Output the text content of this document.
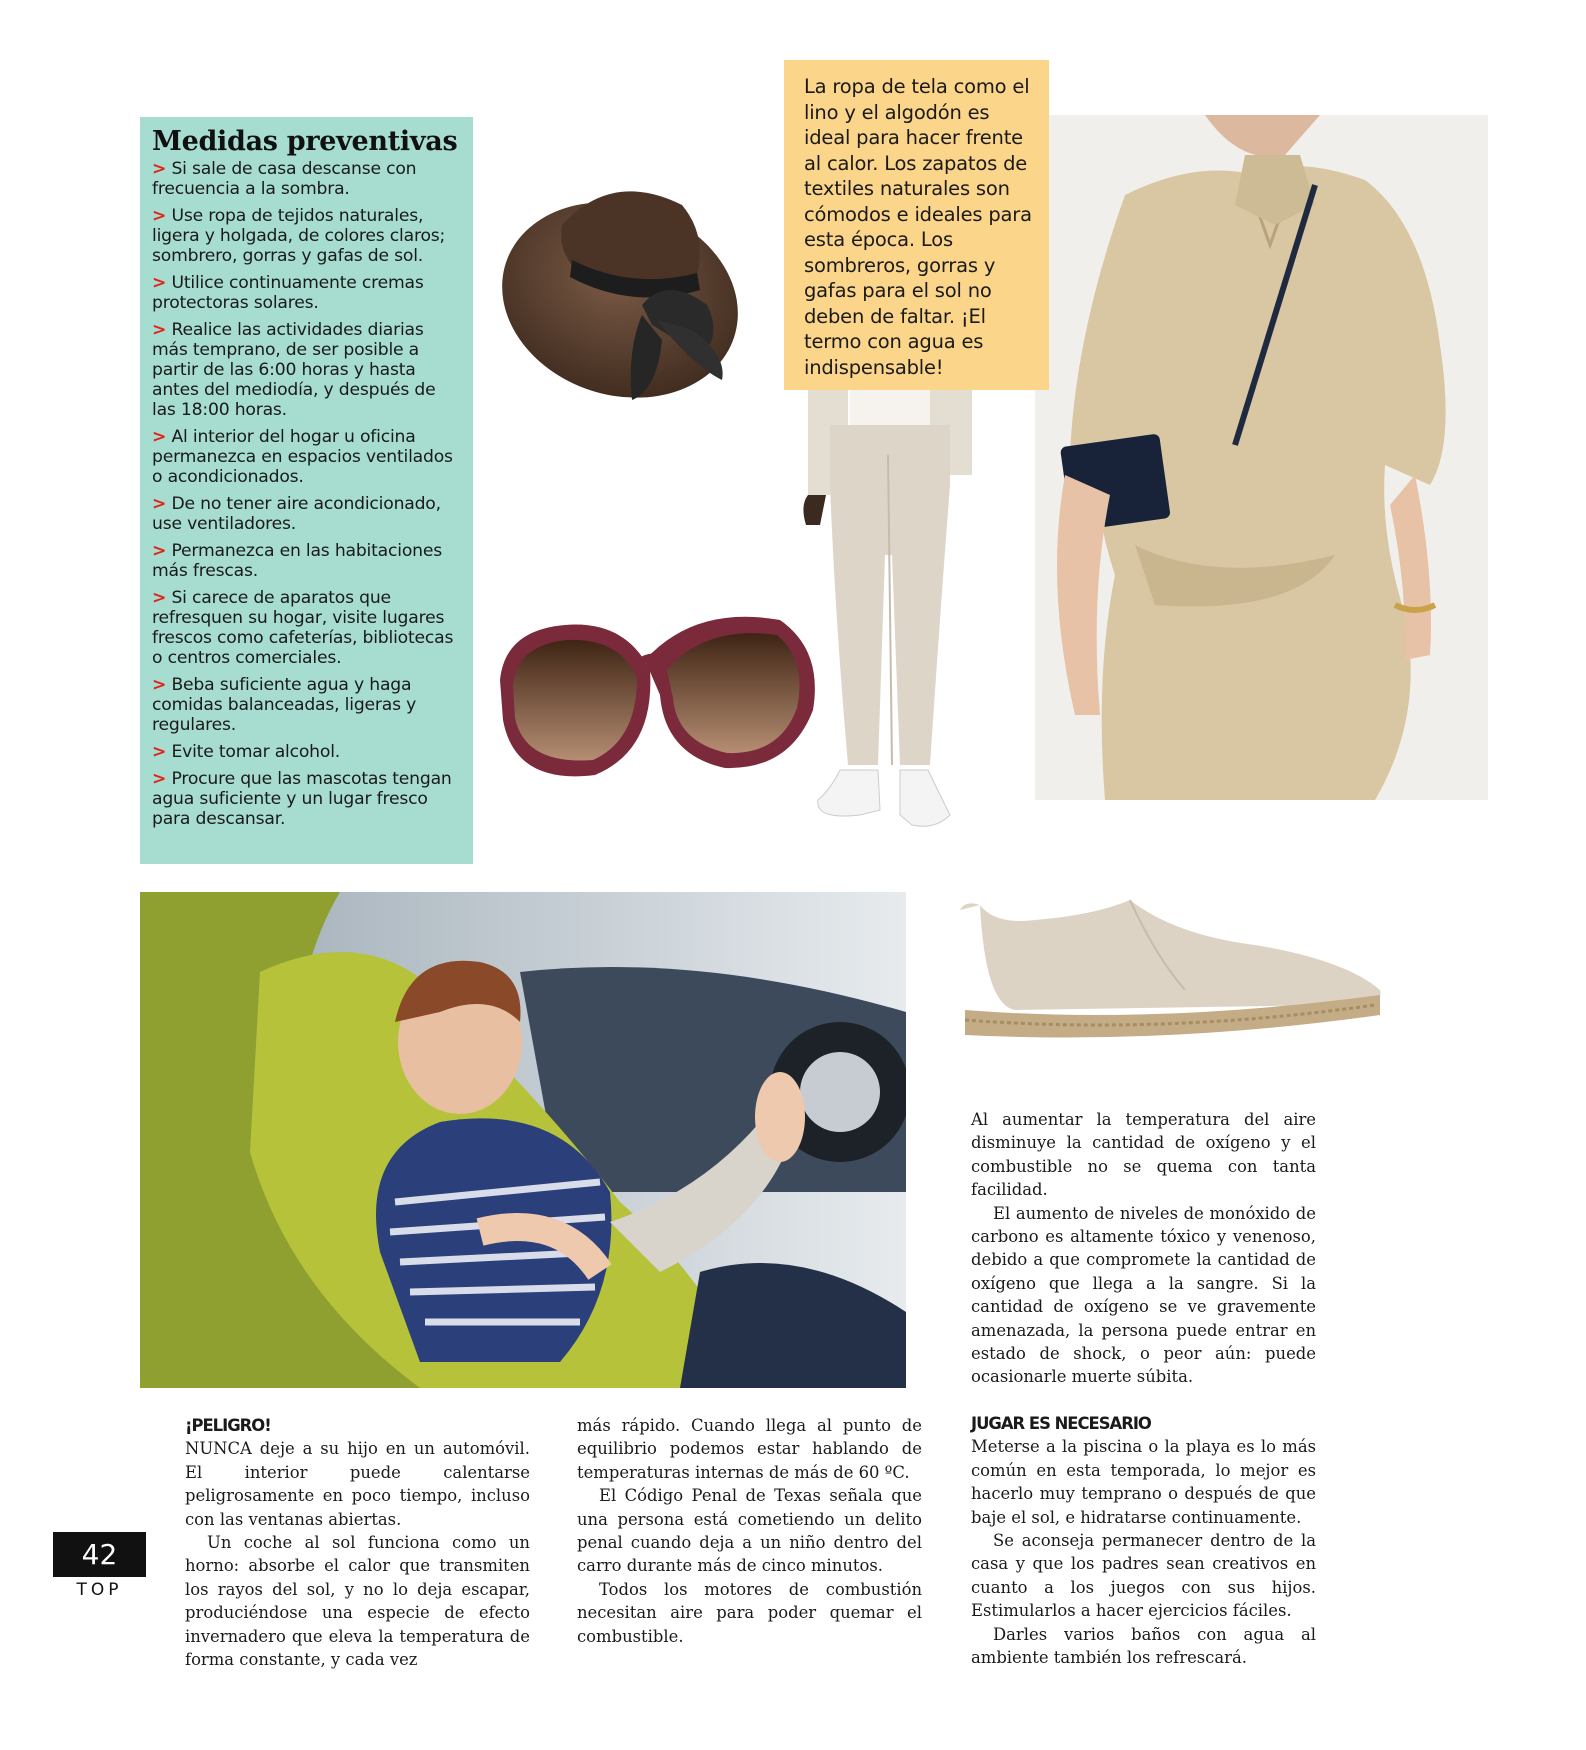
Medidas preventivas
> Si sale de casa descanse con frecuencia a la sombra.
> Use ropa de tejidos naturales, ligera y holgada, de colores claros; sombrero, gorras y gafas de sol.
> Utilice continuamente cremas protectoras solares.
> Realice las actividades diarias más temprano, de ser posible a partir de las 6:00 horas y hasta antes del mediodía, y después de las 18:00 horas.
> Al interior del hogar u oficina permanezca en espacios ventilados o acondicionados.
> De no tener aire acondicionado, use ventiladores.
> Permanezca en las habitaciones más frescas.
> Si carece de aparatos que refresquen su hogar, visite lugares frescos como cafeterías, bibliotecas o centros comerciales.
> Beba suficiente agua y haga comidas balanceadas, ligeras y regulares.
> Evite tomar alcohol.
> Procure que las mascotas tengan agua suficiente y un lugar fresco para descansar.
La ropa de tela como el lino y el algodón es ideal para hacer frente al calor. Los zapatos de textiles naturales son cómodos e ideales para esta época. Los sombreros, gorras y gafas para el sol no deben de faltar. ¡El termo con agua es indispensable!
¡PELIGRO!

NUNCA deje a su hijo en un automóvil. El interior puede calentarse peligrosamente en poco tiempo, incluso con las ventanas abiertas.

Un coche al sol funciona como un horno: absorbe el calor que transmiten los rayos del sol, y no lo deja escapar, produciéndose una especie de efecto invernadero que eleva la temperatura de forma constante, y cada vez

más rápido. Cuando llega al punto de equilibrio podemos estar hablando de temperaturas internas de más de 60 ºC.

El Código Penal de Texas señala que una persona está cometiendo un delito penal cuando deja a un niño dentro del carro durante más de cinco minutos.

Todos los motores de combustión necesitan aire para poder quemar el combustible.

Al aumentar la temperatura del aire disminuye la cantidad de oxígeno y el combustible no se quema con tanta facilidad.

El aumento de niveles de monóxido de carbono es altamente tóxico y venenoso, debido a que compromete la cantidad de oxígeno que llega a la sangre. Si la cantidad de oxígeno se ve gravemente amenazada, la persona puede entrar en estado de shock, o peor aún: puede ocasionarle muerte súbita.

JUGAR ES NECESARIO

Meterse a la piscina o la playa es lo más común en esta temporada, lo mejor es hacerlo muy temprano o después de que baje el sol, e hidratarse continuamente.

Se aconseja permanecer dentro de la casa y que los padres sean creativos en cuanto a los juegos con sus hijos. Estimularlos a hacer ejercicios fáciles.

Darles varios baños con agua al ambiente también los refrescará.

42
TOP
